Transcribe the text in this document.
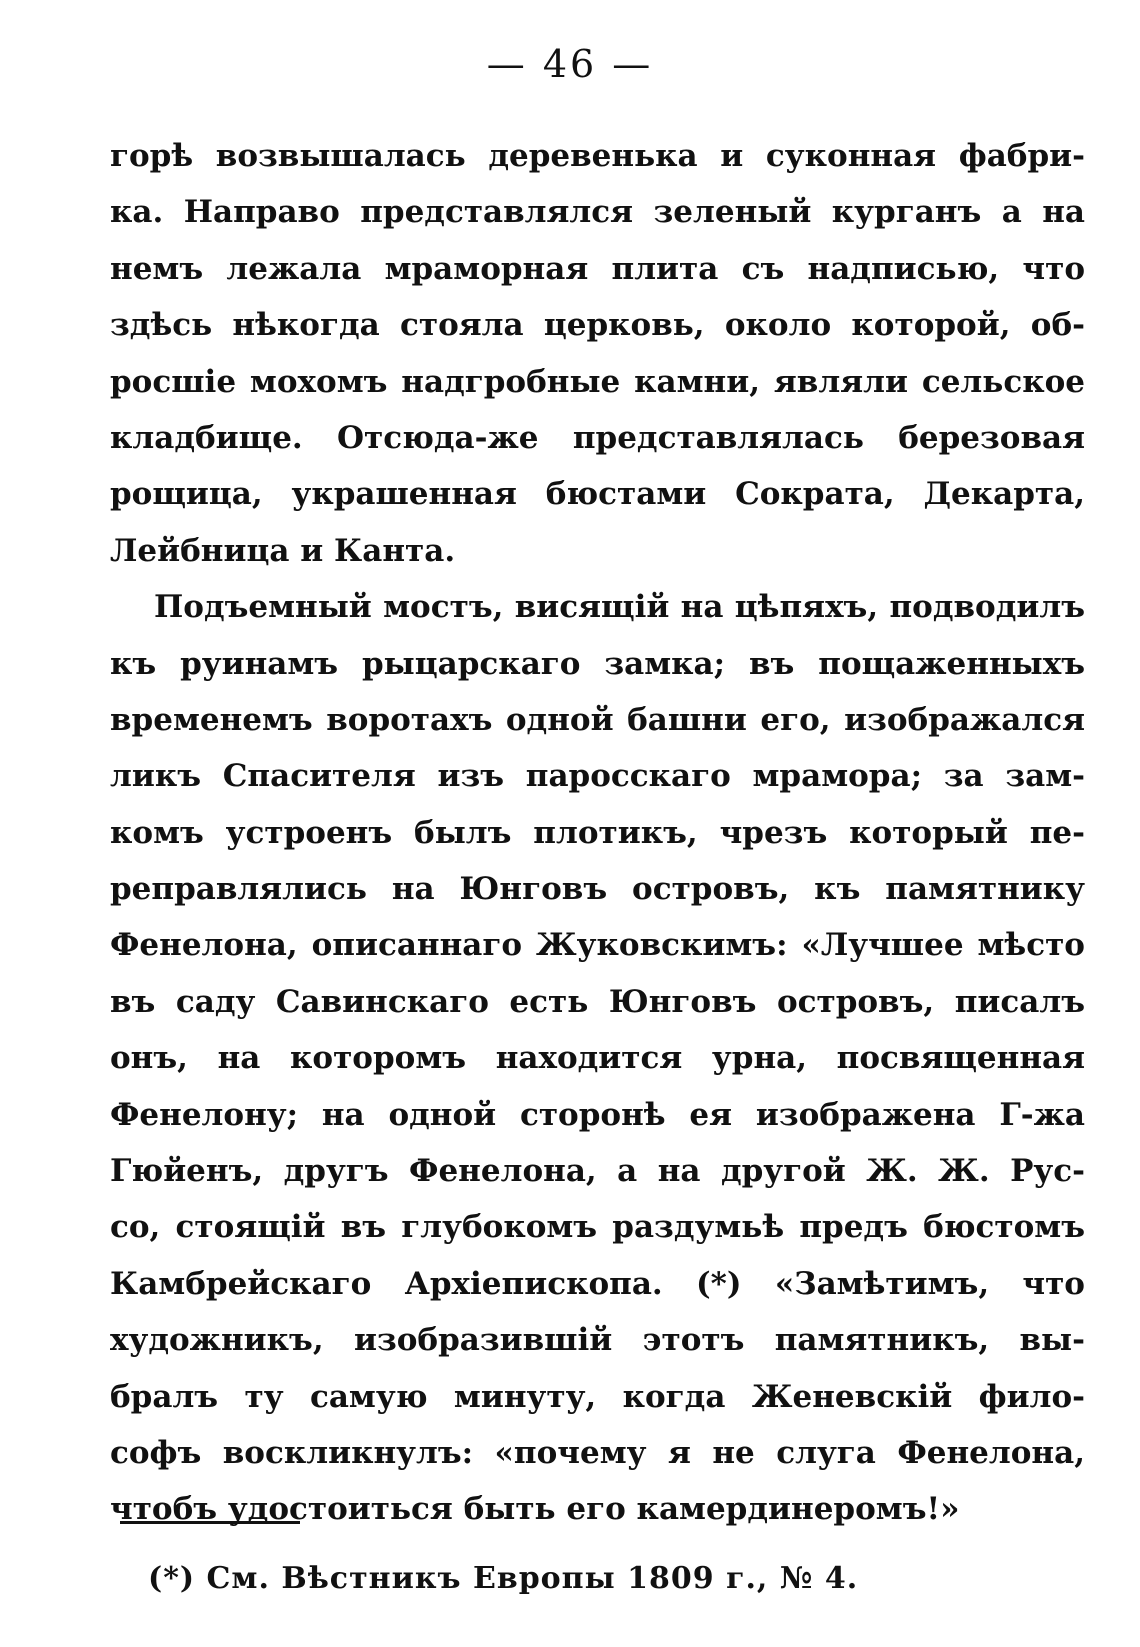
— 46 —
горѣ возвышалась деревенька и суконная фабри-
ка. Направо представлялся зеленый курганъ а на
немъ лежала мраморная плита съ надписью, что
здѣсь нѣкогда стояла церковь, около которой, об-
росшіе мохомъ надгробные камни, являли сельское
кладбище. Отсюда-же представлялась березовая
рощица, украшенная бюстами Сократа, Декарта,
Лейбница и Канта.
Подъемный мостъ, висящій на цѣпяхъ, подводилъ
къ руинамъ рыцарскаго замка; въ пощаженныхъ
временемъ воротахъ одной башни его, изображался
ликъ Спасителя изъ паросскаго мрамора; за зам-
комъ устроенъ былъ плотикъ, чрезъ который пе-
реправлялись на Юнговъ островъ, къ памятнику
Фенелона, описаннаго Жуковскимъ: «Лучшее мѣсто
въ саду Савинскаго есть Юнговъ островъ, писалъ
онъ, на которомъ находится урна, посвященная
Фенелону; на одной сторонѣ ея изображена Г-жа
Гюйенъ, другъ Фенелона, а на другой Ж. Ж. Рус-
со, стоящій въ глубокомъ раздумьѣ предъ бюстомъ
Камбрейскаго Архіепископа. (*) «Замѣтимъ, что
художникъ, изобразившій этотъ памятникъ, вы-
бралъ ту самую минуту, когда Женевскій фило-
софъ воскликнулъ: «почему я не слуга Фенелона,
чтобъ удостоиться быть его камердинеромъ!»
(*) См. Вѣстникъ Европы 1809 г., № 4.
